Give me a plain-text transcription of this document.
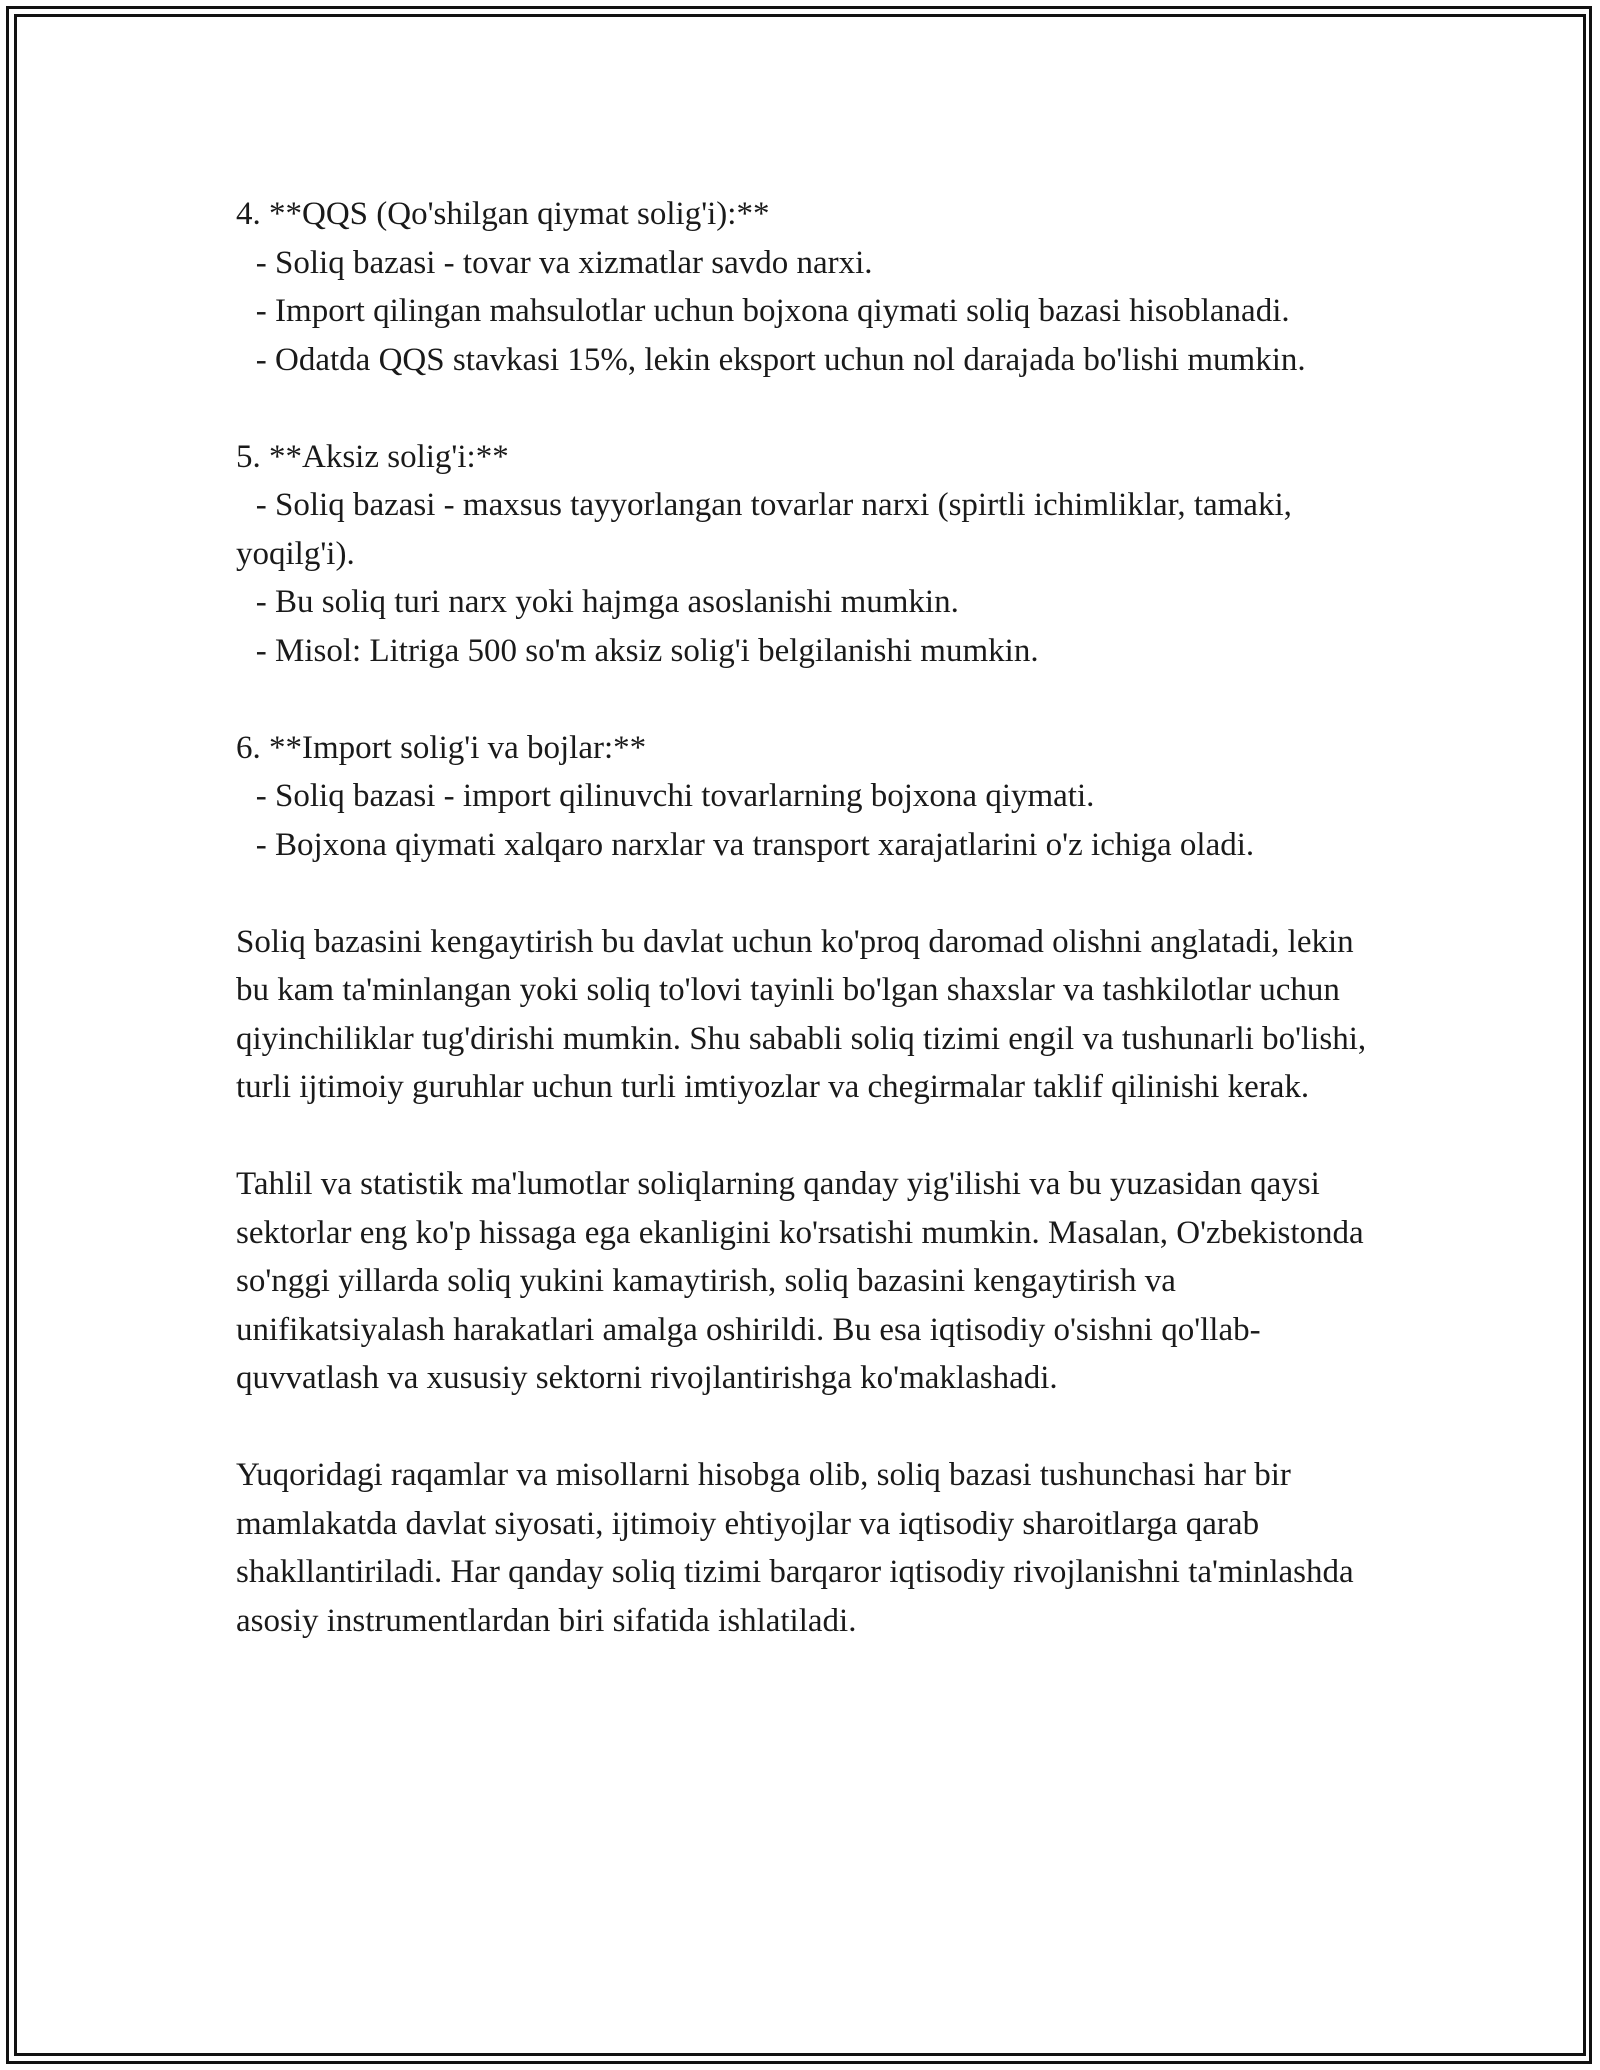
4. **QQS (Qo'shilgan qiymat solig'i):**

- Soliq bazasi - tovar va xizmatlar savdo narxi.

- Import qilingan mahsulotlar uchun bojxona qiymati soliq bazasi hisoblanadi.

- Odatda QQS stavkasi 15%, lekin eksport uchun nol darajada bo'lishi mumkin.

5. **Aksiz solig'i:**

- Soliq bazasi - maxsus tayyorlangan tovarlar narxi (spirtli ichimliklar, tamaki, yoqilg'i).

- Bu soliq turi narx yoki hajmga asoslanishi mumkin.

- Misol: Litriga 500 so'm aksiz solig'i belgilanishi mumkin.

6. **Import solig'i va bojlar:**

- Soliq bazasi - import qilinuvchi tovarlarning bojxona qiymati.

- Bojxona qiymati xalqaro narxlar va transport xarajatlarini o'z ichiga oladi.

Soliq bazasini kengaytirish bu davlat uchun ko'proq daromad olishni anglatadi, lekin bu kam ta'minlangan yoki soliq to'lovi tayinli bo'lgan shaxslar va tashkilotlar uchun qiyinchiliklar tug'dirishi mumkin. Shu sababli soliq tizimi engil va tushunarli bo'lishi, turli ijtimoiy guruhlar uchun turli imtiyozlar va chegirmalar taklif qilinishi kerak.

Tahlil va statistik ma'lumotlar soliqlarning qanday yig'ilishi va bu yuzasidan qaysi sektorlar eng ko'p hissaga ega ekanligini ko'rsatishi mumkin. Masalan, O'zbekistonda so'nggi yillarda soliq yukini kamaytirish, soliq bazasini kengaytirish va unifikatsiyalash harakatlari amalga oshirildi. Bu esa iqtisodiy o'sishni qo'llab-quvvatlash va xususiy sektorni rivojlantirishga ko'maklashadi.

Yuqoridagi raqamlar va misollarni hisobga olib, soliq bazasi tushunchasi har bir mamlakatda davlat siyosati, ijtimoiy ehtiyojlar va iqtisodiy sharoitlarga qarab shakllantiriladi. Har qanday soliq tizimi barqaror iqtisodiy rivojlanishni ta'minlashda asosiy instrumentlardan biri sifatida ishlatiladi.
